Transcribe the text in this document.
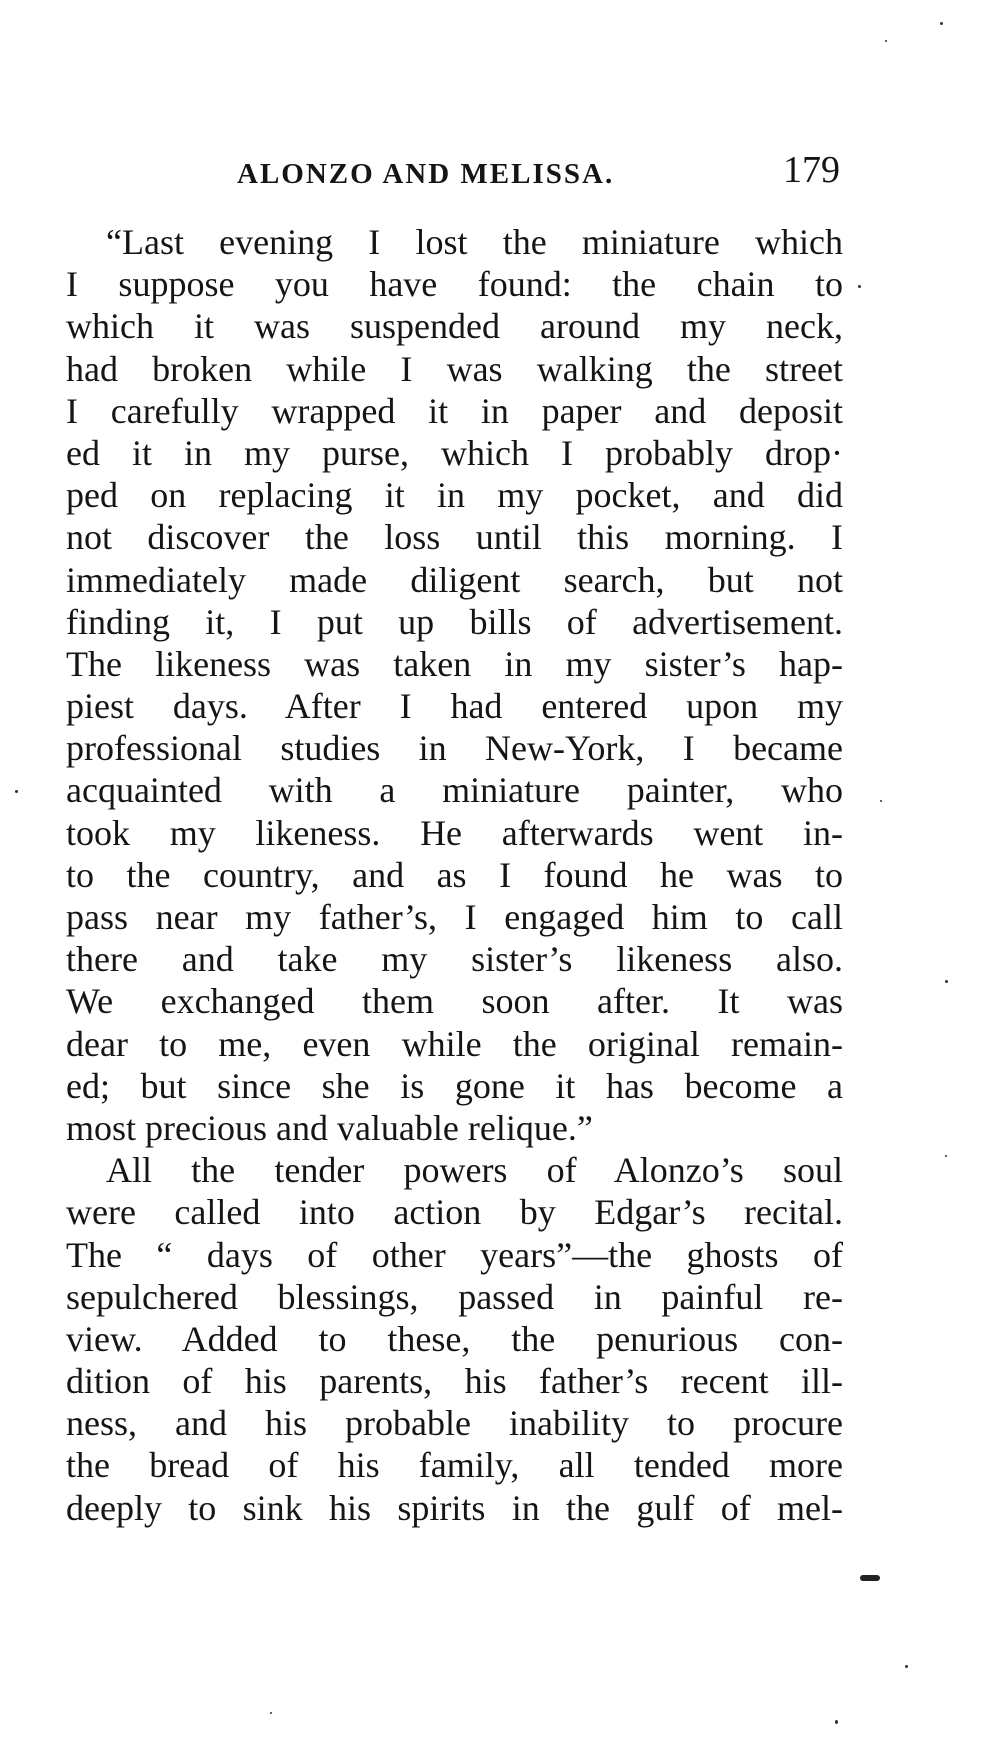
ALONZO AND MELISSA.	179
“Last evening I lost the miniature which
I suppose you have found: the chain to
which it was suspended around my neck,
had broken while I was walking the street
I carefully wrapped it in paper and deposit
ed it in my purse, which I probably drop·
ped on replacing it in my pocket, and did
not discover the loss until this morning. I
immediately made diligent search, but not
finding it, I put up bills of advertisement.
The likeness was taken in my sister’s hap-
piest days. After I had entered upon my
professional studies in New-York, I became
acquainted with a miniature painter, who
took my likeness. He afterwards went in-
to the country, and as I found he was to
pass near my father’s, I engaged him to call
there and take my sister’s likeness also.
We exchanged them soon after. It was
dear to me, even while the original remain-
ed; but since she is gone it has become a
most precious and valuable relique.”
All the tender powers of Alonzo’s soul
were called into action by Edgar’s recital.
The “ days of other years”—the ghosts of
sepulchered blessings, passed in painful re-
view. Added to these, the penurious con-
dition of his parents, his father’s recent ill-
ness, and his probable inability to procure
the bread of his family, all tended more
deeply to sink his spirits in the gulf of mel-
